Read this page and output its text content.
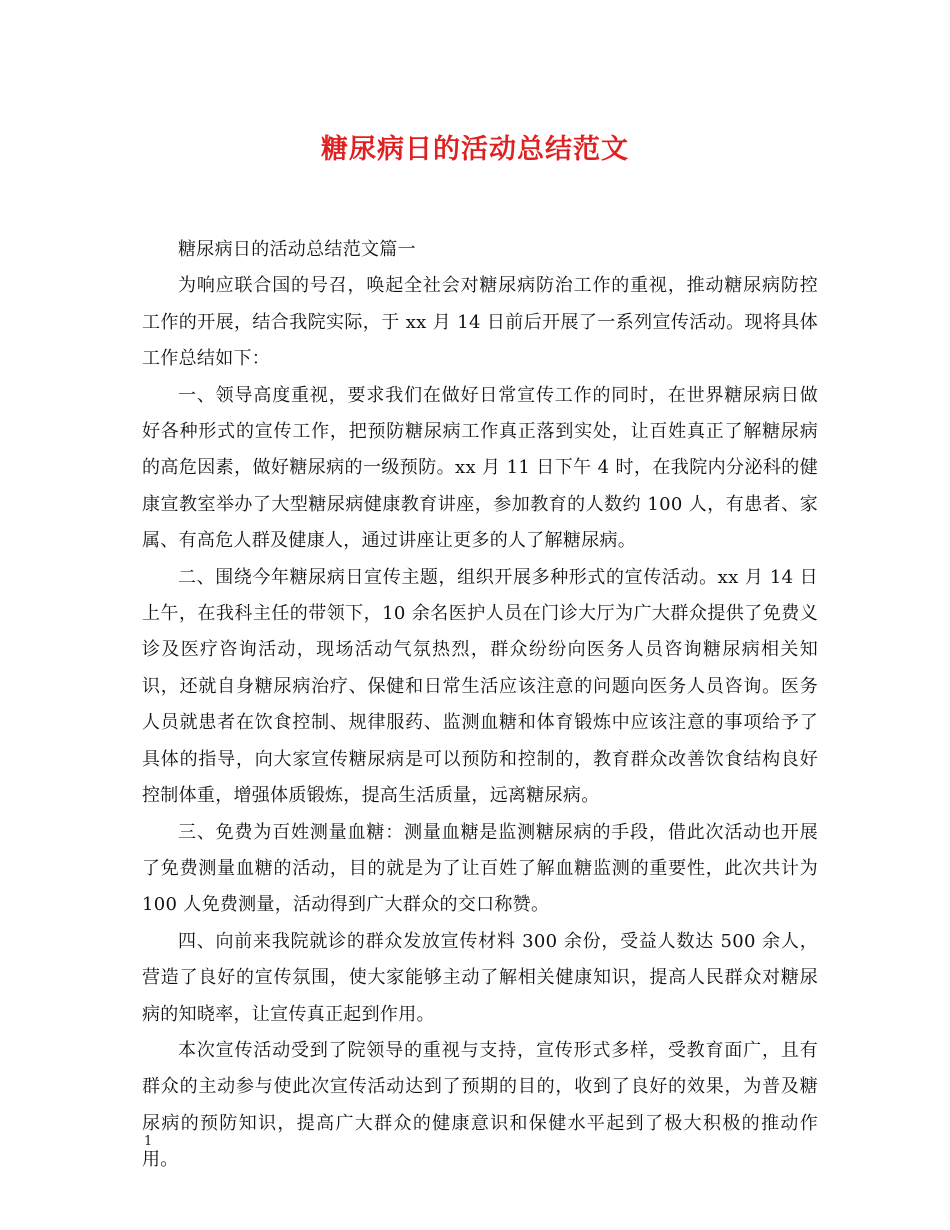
糖尿病日的活动总结范文

糖尿病日的活动总结范文篇一

为响应联合国的号召，唤起全社会对糖尿病防治工作的重视，推动糖尿病防控工作的开展，结合我院实际，于 xx 月 14 日前后开展了一系列宣传活动。现将具体工作总结如下：

一、领导高度重视，要求我们在做好日常宣传工作的同时，在世界糖尿病日做好各种形式的宣传工作，把预防糖尿病工作真正落到实处，让百姓真正了解糖尿病的高危因素，做好糖尿病的一级预防。xx 月 11 日下午 4 时，在我院内分泌科的健康宣教室举办了大型糖尿病健康教育讲座，参加教育的人数约 100 人，有患者、家属、有高危人群及健康人，通过讲座让更多的人了解糖尿病。

二、围绕今年糖尿病日宣传主题，组织开展多种形式的宣传活动。xx 月 14 日上午，在我科主任的带领下，10 余名医护人员在门诊大厅为广大群众提供了免费义诊及医疗咨询活动，现场活动气氛热烈，群众纷纷向医务人员咨询糖尿病相关知识，还就自身糖尿病治疗、保健和日常生活应该注意的问题向医务人员咨询。医务人员就患者在饮食控制、规律服药、监测血糖和体育锻炼中应该注意的事项给予了具体的指导，向大家宣传糖尿病是可以预防和控制的，教育群众改善饮食结构良好控制体重，增强体质锻炼，提高生活质量，远离糖尿病。

三、免费为百姓测量血糖：测量血糖是监测糖尿病的手段，借此次活动也开展了免费测量血糖的活动，目的就是为了让百姓了解血糖监测的重要性，此次共计为 100 人免费测量，活动得到广大群众的交口称赞。

四、向前来我院就诊的群众发放宣传材料 300 余份，受益人数达 500 余人，营造了良好的宣传氛围，使大家能够主动了解相关健康知识，提高人民群众对糖尿病的知晓率，让宣传真正起到作用。

本次宣传活动受到了院领导的重视与支持，宣传形式多样，受教育面广，且有群众的主动参与使此次宣传活动达到了预期的目的，收到了良好的效果，为普及糖尿病的预防知识，提高广大群众的健康意识和保健水平起到了极大积极的推动作用。

1
